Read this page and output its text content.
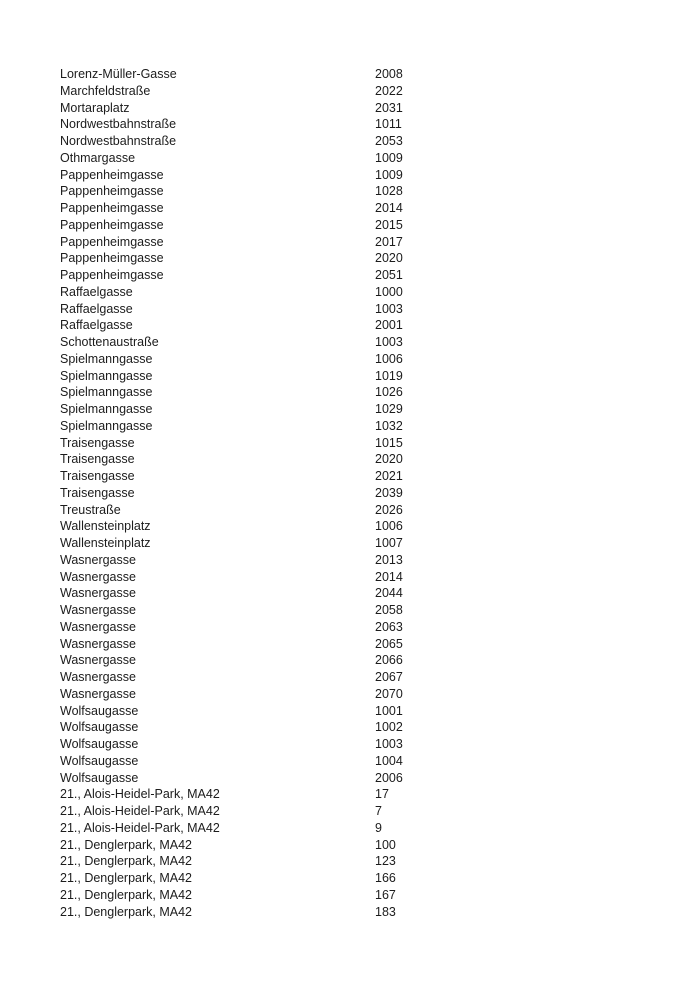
Lorenz-Müller-Gasse	2008
Marchfeldstraße	2022
Mortaraplatz	2031
Nordwestbahnstraße	1011
Nordwestbahnstraße	2053
Othmargasse	1009
Pappenheimgasse	1009
Pappenheimgasse	1028
Pappenheimgasse	2014
Pappenheimgasse	2015
Pappenheimgasse	2017
Pappenheimgasse	2020
Pappenheimgasse	2051
Raffaelgasse	1000
Raffaelgasse	1003
Raffaelgasse	2001
Schottenaustraße	1003
Spielmanngasse	1006
Spielmanngasse	1019
Spielmanngasse	1026
Spielmanngasse	1029
Spielmanngasse	1032
Traisengasse	1015
Traisengasse	2020
Traisengasse	2021
Traisengasse	2039
Treustraße	2026
Wallensteinplatz	1006
Wallensteinplatz	1007
Wasnergasse	2013
Wasnergasse	2014
Wasnergasse	2044
Wasnergasse	2058
Wasnergasse	2063
Wasnergasse	2065
Wasnergasse	2066
Wasnergasse	2067
Wasnergasse	2070
Wolfsaugasse	1001
Wolfsaugasse	1002
Wolfsaugasse	1003
Wolfsaugasse	1004
Wolfsaugasse	2006
21., Alois-Heidel-Park, MA42	17
21., Alois-Heidel-Park, MA42	7
21., Alois-Heidel-Park, MA42	9
21., Denglerpark, MA42	100
21., Denglerpark, MA42	123
21., Denglerpark, MA42	166
21., Denglerpark, MA42	167
21., Denglerpark, MA42	183
